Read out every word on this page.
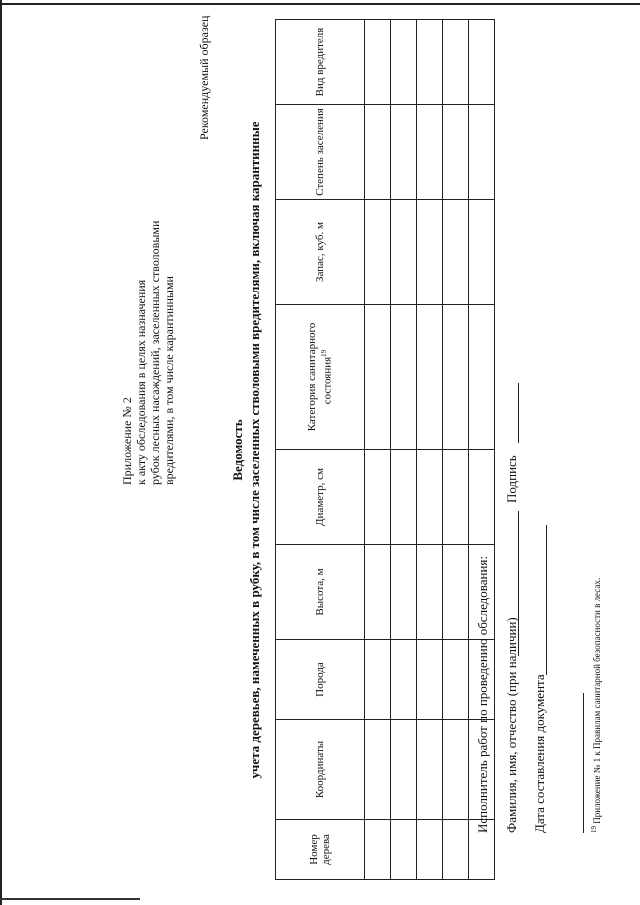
Рекомендуемый образец
Приложение № 2 к акту обследования в целях назначения рубок лесных насаждений, заселенных стволовыми вредителями, в том числе карантинными	Ведомость учета деревьев, намеченных в рубку, в том числе заселенных стволовыми вредителями, включая карантинные
Номер дерева	Координаты	Порода	Высота, м	Диаметр, см	Категория санитарного состояния$^{19}$	Запас, куб. м	Степень заселения	Вид вредителя

Исполнитель работ по проведению обследования: Фамилия, имя, отчество (при наличии)
Подпись
Дата составления документа	$^{19}$ Приложение № 1 к Правилам санитарной безопасности в лесах.
